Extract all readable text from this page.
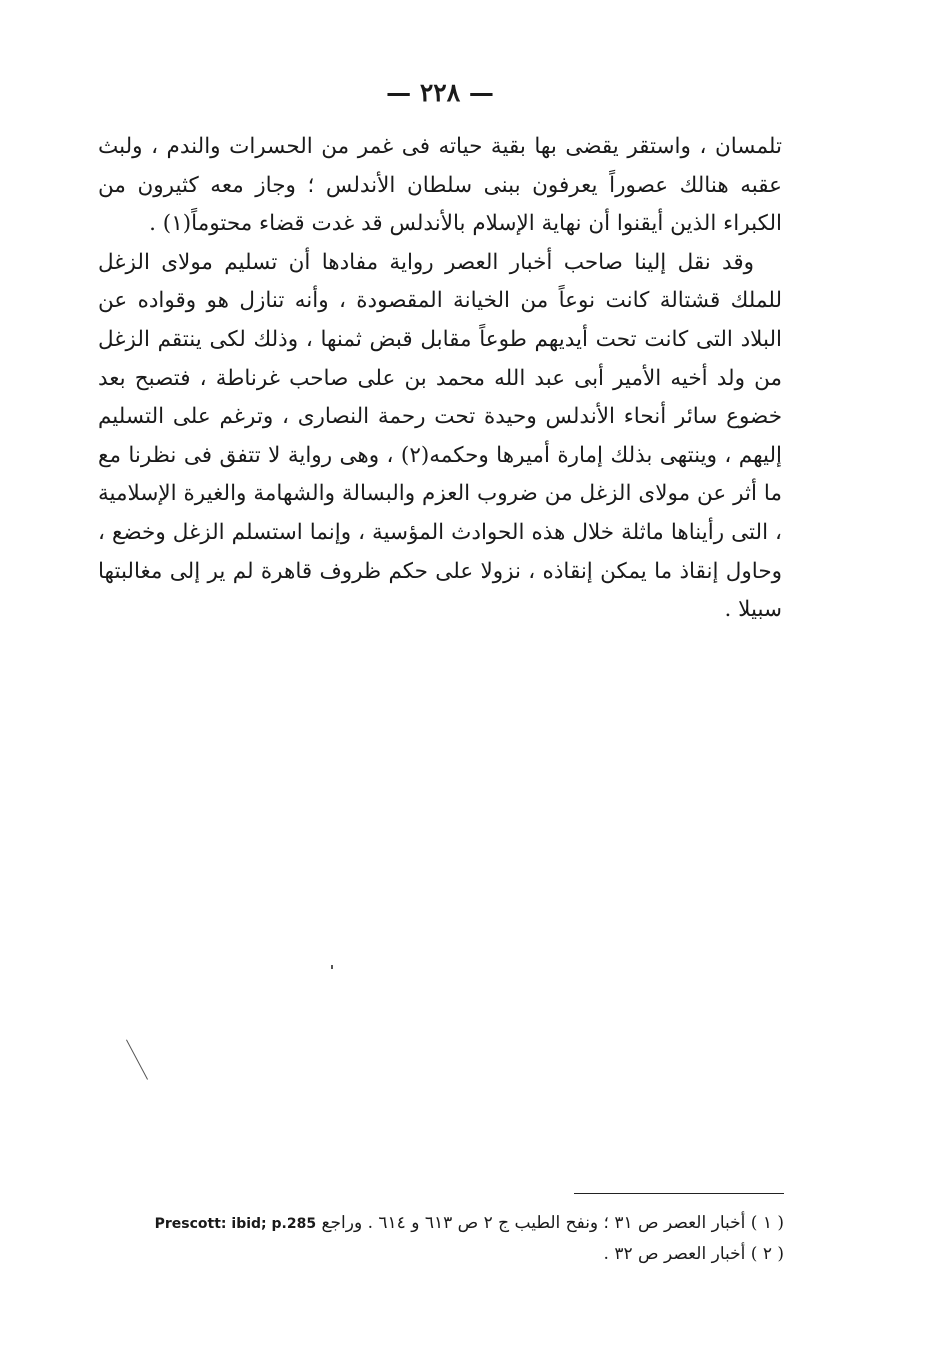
— ٢٢٨ —

تلمسان ، واستقر يقضى بها بقية حياته فى غمر من الحسرات والندم ، ولبث عقبه هنالك عصوراً يعرفون ببنى سلطان الأندلس ؛ وجاز معه كثيرون من الكبراء الذين أيقنوا أن نهاية الإسلام بالأندلس قد غدت قضاء محتوماً(١) .

وقد نقل إلينا صاحب أخبار العصر رواية مفادها أن تسليم مولاى الزغل للملك قشتالة كانت نوعاً من الخيانة المقصودة ، وأنه تنازل هو وقواده عن البلاد التى كانت تحت أيديهم طوعاً مقابل قبض ثمنها ، وذلك لكى ينتقم الزغل من ولد أخيه الأمير أبى عبد الله محمد بن على صاحب غرناطة ، فتصبح بعد خضوع سائر أنحاء الأندلس وحيدة تحت رحمة النصارى ، وترغم على التسليم إليهم ، وينتهى بذلك إمارة أميرها وحكمه(٢) ، وهى رواية لا تتفق فى نظرنا مع ما أثر عن مولاى الزغل من ضروب العزم والبسالة والشهامة والغيرة الإسلامية ، التى رأيناها ماثلة خلال هذه الحوادث المؤسية ، وإنما استسلم الزغل وخضع ، وحاول إنقاذ ما يمكن إنقاذه ، نزولا على حكم ظروف قاهرة لم ير إلى مغالبتها سبيلا .

( ١ ) أخبار العصر ص ٣١ ؛ ونفح الطيب ج ٢ ص ٦١٣ و ٦١٤ . وراجع Prescott: ibid; p.285

( ٢ ) أخبار العصر ص ٣٢ .
